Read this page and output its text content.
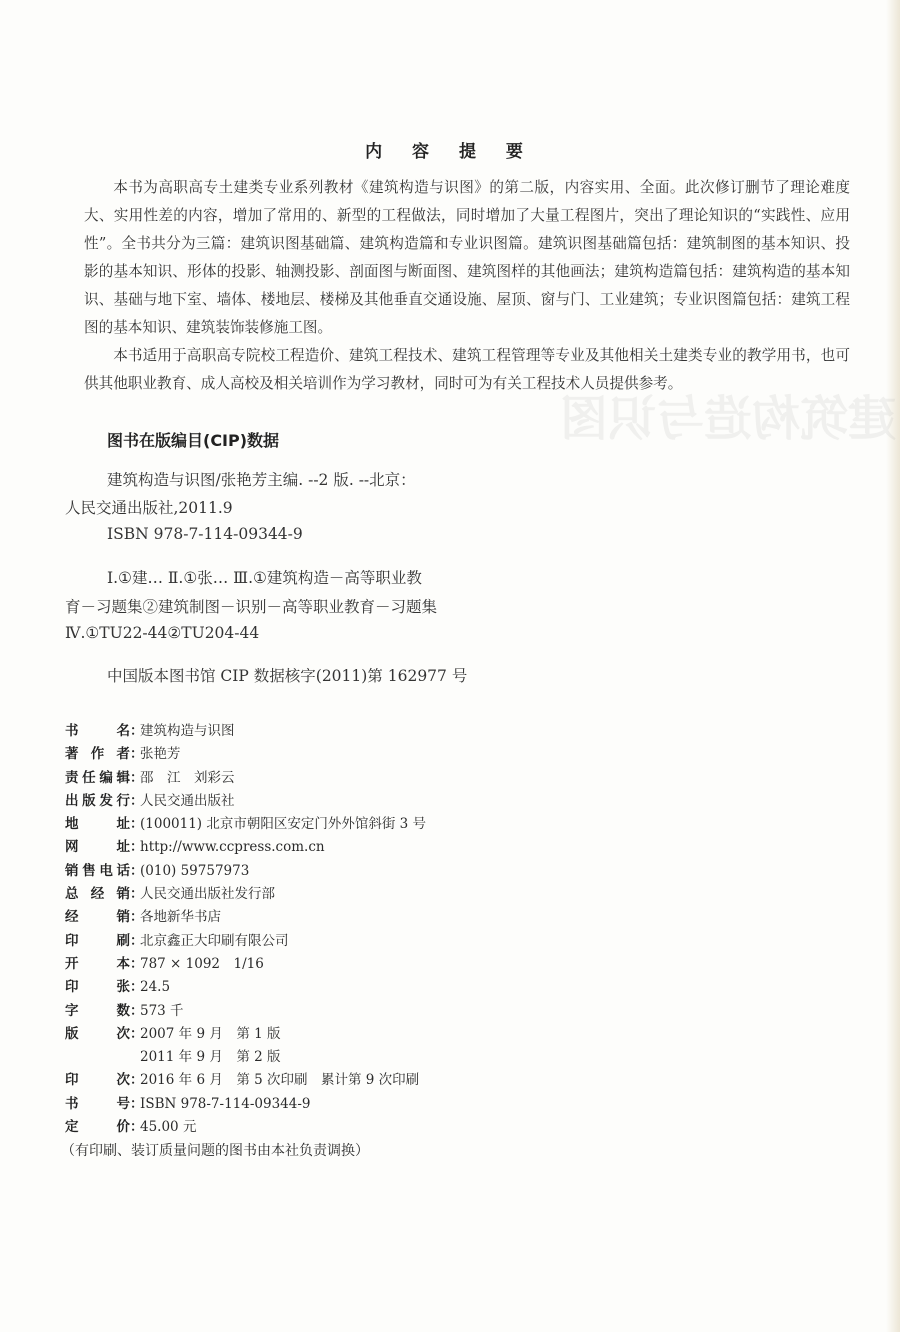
建筑构造与识图
内 容 提 要

本书为高职高专土建类专业系列教材《建筑构造与识图》的第二版，内容实用、全面。此次修订删节了理论难度大、实用性差的内容，增加了常用的、新型的工程做法，同时增加了大量工程图片，突出了理论知识的“实践性、应用性”。全书共分为三篇：建筑识图基础篇、建筑构造篇和专业识图篇。建筑识图基础篇包括：建筑制图的基本知识、投影的基本知识、形体的投影、轴测投影、剖面图与断面图、建筑图样的其他画法；建筑构造篇包括：建筑构造的基本知识、基础与地下室、墙体、楼地层、楼梯及其他垂直交通设施、屋顶、窗与门、工业建筑；专业识图篇包括：建筑工程图的基本知识、建筑装饰装修施工图。

本书适用于高职高专院校工程造价、建筑工程技术、建筑工程管理等专业及其他相关土建类专业的教学用书，也可供其他职业教育、成人高校及相关培训作为学习教材，同时可为有关工程技术人员提供参考。

图书在版编目(CIP)数据
建筑构造与识图/张艳芳主编. --2 版. --北京：
人民交通出版社,2011.9
ISBN 978-7-114-09344-9
Ⅰ.①建… Ⅱ.①张… Ⅲ.①建筑构造－高等职业教
育－习题集②建筑制图－识别－高等职业教育－习题集
Ⅳ.①TU22-44②TU204-44
中国版本图书馆 CIP 数据核字(2011)第 162977 号
书	名 ：
建筑构造与识图
著 作 者 ：
张艳芳
责 任 编 辑 ：
邵　江　刘彩云
出 版 发 行 ：
人民交通出版社
地	址 ：
(100011) 北京市朝阳区安定门外外馆斜街 3 号
网	址 ：
http://www.ccpress.com.cn
销 售 电 话 ：
(010) 59757973
总 经 销 ：
人民交通出版社发行部
经	销 ：
各地新华书店
印	刷 ：
北京鑫正大印刷有限公司
开	本 ：
787 × 1092　1/16
印	张 ：
24.5
字	数 ：
573 千
版	次 ：
2007 年 9 月　第 1 版
2011 年 9 月　第 2 版
印	次 ：
2016 年 6 月　第 5 次印刷　累计第 9 次印刷
书	号 ：
ISBN 978-7-114-09344-9
定	价 ：
45.00 元
（有印刷、装订质量问题的图书由本社负责调换）
